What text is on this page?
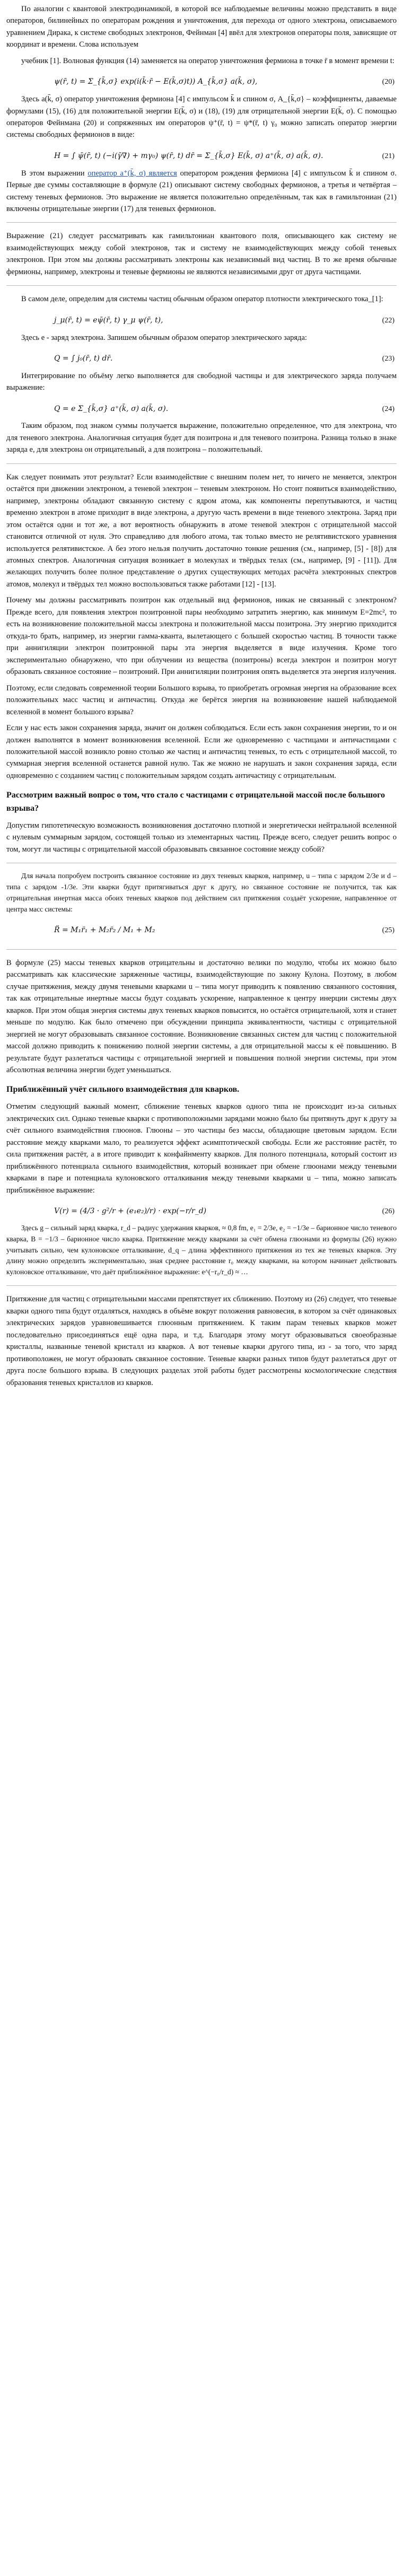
По аналогии с квантовой электродинамикой, в которой все наблюдаемые величины можно представить в виде операторов, билинейных по операторам рождения и уничтожения, для перехода от одного электрона, описываемого уравнением Дирака, к системе свободных электронов, Фейнман [4] ввёл для электронов операторы поля, зависящие от координат и времени. Слова используем

учебник [1]. Волновая функция (14) заменяется на оператор уничтожения фермиона в точке r̄ в момент времени t:

ψ(r̄, t) = Σ_{k̄,σ} exp(i(k̄·r̄ − E(k̄,σ)t)) A_{k̄,σ} a(k̄, σ),	(20)

Здесь a(k̄, σ) оператор уничтожения фермиона [4] с импульсом k̄ и спином σ, A_{k̄,σ} – коэффициенты, даваемые формулами (15), (16) для положительной энергии E(k̄, σ) и (18), (19) для отрицательной энергии E(k̄, σ). С помощью операторов Фейнмана (20) и сопряженных им операторов ψ⁺(r̄, t) = ψ*(r̄, t) γ₀ можно записать оператор энергии системы свободных фермионов в виде:

H = ∫ ψ̄(r̄, t) (−i(γ̄∇) + mγ₀) ψ(r̄, t) dr̄ = Σ_{k̄,σ} E(k̄, σ) a⁺(k̄, σ) a(k̄, σ).	(21)

В этом выражении оператор a⁺(k̄, σ) является оператором рождения фермиона [4] с импульсом k̄ и спином σ. Первые две суммы составляющие в формуле (21) описывают систему свободных фермионов, а третья и четвёртая – систему теневых фермионов. Это выражение не является положительно определённым, так как в гамильтониан (21) включены отрицательные энергии (17) для теневых фермионов.

Выражение (21) следует рассматривать как гамильтониан квантового поля, описывающего как систему не взаимодействующих между собой электронов, так и систему не взаимодействующих между собой теневых электронов. При этом мы должны рассматривать электроны как независимый вид частиц. В то же время обычные фермионы, например, электроны и теневые фермионы не являются независимыми друг от друга частицами.

В самом деле, определим для системы частиц обычным образом оператор плотности электрического тока_[1]:

j_μ(r̄, t) = eψ̄(r̄, t) γ_μ ψ(r̄, t),	(22)

Здесь e - заряд электрона. Запишем обычным образом оператор электрического заряда:

Q = ∫ j₀(r̄, t) dr̄.	(23)

Интегрирование по объёму легко выполняется для свободной частицы и для электрического заряда получаем выражение:

Q = e Σ_{k̄,σ} a⁺(k̄, σ) a(k̄, σ).	(24)

Таким образом, под знаком суммы получается выражение, положительно определенное, что для электрона, что для теневого электрона. Аналогичная ситуация будет для позитрона и для теневого позитрона. Разница только в знаке заряда e, для электрона он отрицательный, а для позитрона – положительный.

Как следует понимать этот результат? Если взаимодействие с внешним полем нет, то ничего не меняется, электрон остаётся при движении электроном, а теневой электрон – теневым электроном. Но стоит появиться взаимодействию, например, электроны обладают связанную систему с ядром атома, как компоненты перепутываются, и частиц временно электрон в атоме приходит в виде электрона, а другую часть времени в виде теневого электрона. Заряд при этом остаётся одни и тот же, а вот вероятность обнаружить в атоме теневой электрон с отрицательной массой становится отличной от нуля. Это справедливо для любого атома, так только вместо не релятивистского уравнения используется релятивистское. А без этого нельзя получить достаточно тонкие решения (см., например, [5] - [8]) для атомных спектров. Аналогичная ситуация возникает в молекулах и твёрдых телах (см., например, [9] - [11]). Для желающих получить более полное представление о других существующих методах расчёта электронных спектров атомов, молекул и твёрдых тел можно воспользоваться также работами [12] - [13].

Почему мы должны рассматривать позитрон как отдельный вид фермионов, никак не связанный с электроном? Прежде всего, для появления электрон позитронной пары необходимо затратить энергию, как минимум E=2mc², то есть на возникновение положительной массы электрона и положительной массы позитрона. Эту энергию приходится откуда-то брать, например, из энергии гамма-кванта, вылетающего с большей скоростью частиц. В точности также при аннигиляции электрон позитронной пары эта энергия выделяется в виде излучения. Кроме того экспериментально обнаружено, что при облучении из вещества (позитроны) всегда электрон и позитрон могут образовать связанное состояние – позитроний. При аннигиляции позитрония опять выделяется эта энергия излучения.

Поэтому, если следовать современной теории Большого взрыва, то приобретать огромная энергия на образование всех положительных масс частиц и античастиц. Откуда же берётся энергия на возникновение нашей наблюдаемой вселенной в момент большого взрыва?

Если у нас есть закон сохранения заряда, значит он должен соблюдаться. Если есть закон сохранения энергии, то и он должен выполнятся в момент возникновения вселенной. Если же одновременно с частицами и античастицами с положительной массой возникло ровно столько же частиц и античастиц теневых, то есть с отрицательной массой, то суммарная энергия вселенной останется равной нулю. Так же можно не нарушать и закон сохранения заряда, если одновременно с созданием частиц с положительным зарядом создать античастицу с отрицательным.

Рассмотрим важный вопрос о том, что стало с частицами с отрицательной массой после большого взрыва?

Допустим гипотетическую возможность возникновения достаточно плотной и энергетически нейтральной вселенной с нулевым суммарным зарядом, состоящей только из элементарных частиц. Прежде всего, следует решить вопрос о том, могут ли частицы с отрицательной массой образовывать связанное состояние между собой?

Для начала попробуем построить связанное состояние из двух теневых кварков, например, u – типа с зарядом 2/3e и d – типа с зарядом -1/3e. Эти кварки будут притягиваться друг к другу, но связанное состояние не получится, так как отрицательная инертная масса обоих теневых кварков под действием сил притяжения создаёт ускорение, направленное от центра масс системы:

R̈ = M₁r̈₁ + M₂r̈₂ / M₁ + M₂	(25)

В формуле (25) массы теневых кварков отрицательны и достаточно велики по модулю, чтобы их можно было рассматривать как классические заряженные частицы, взаимодействующие по закону Кулона. Поэтому, в любом случае притяжения, между двумя теневыми кварками u – типа могут приводить к появлению связанного состояния, так как отрицательные инертные массы будут создавать ускорение, направленное к центру инерции системы двух кварков. При этом общая энергия системы двух теневых кварков повысится, но остаётся отрицательной, хотя и станет меньше по модулю. Как было отмечено при обсуждении принципа эквивалентности, частицы с отрицательной энергией не могут образовывать связанное состояние. Возникновение связанных систем для частиц с положительной массой должно приводить к понижению полной энергии системы, а для отрицательной массы к её повышению. В результате будут разлетаться частицы с отрицательной энергией и повышения полной энергии системы, при этом абсолютная величина энергии будет уменьшаться.

Приближённый учёт сильного взаимодействия для кварков.

Отметим следующий важный момент, сближение теневых кварков одного типа не происходит из-за сильных электрических сил. Однако теневые кварки с противоположными зарядами можно было бы притянуть друг к другу за счёт сильного взаимодействия глюонов. Глюоны – это частицы без массы, обладающие цветовым зарядом. Если расстояние между кварками мало, то реализуется эффект асимптотической свободы. Если же расстояние растёт, то сила притяжения растёт, а в итоге приводит к конфайнменту кварков. Для полного потенциала, который состоит из приближённого потенциала сильного взаимодействия, который возникает при обмене глюонами между теневыми кварками в паре и потенциала кулоновского отталкивания между теневыми кварками u – типа, можно записать приближённое выражение:

V(r) = (4/3 · g²/r + (e₁e₂)/r) · exp(−r/r_d)	(26)

Здесь g – сильный заряд кварка, r_d – радиус удержания кварков, ≈ 0,8 fm, e₁ = 2/3e, e₂ = −1/3e – барионное число теневого кварка, B = −1/3 – барионное число кварка. Притяжение между кварками за счёт обмена глюонами из формулы (26) нужно учитывать сильно, чем кулоновское отталкивание, d_q – длина эффективного притяжения из тех же теневых кварков. Эту длину можно определить экспериментально, зная среднее расстояние r₀ между кварками, на котором начинает действовать кулоновское отталкивание, что даёт приближённое выражение: e^(−r₀/r_d) ≈ …

Притяжение для частиц с отрицательными массами препятствует их сближению. Поэтому из (26) следует, что теневые кварки одного типа будут отдаляться, находясь в объёме вокруг положения равновесия, в котором за счёт одинаковых электрических зарядов уравновешивается глюонным притяжением. К таким парам теневых кварков может последовательно присоединяться ещё одна пара, и т.д. Благодаря этому могут образовываться своеобразные кристаллы, названные теневой кристалл из кварков. А вот теневые кварки другого типа, из - за того, что заряд противоположен, не могут образовать связанное состояние. Теневые кварки разных типов будут разлетаться друг от друга после большого взрыва. В следующих разделах этой работы будет рассмотрены космологические следствия образования теневых кристаллов из кварков.
